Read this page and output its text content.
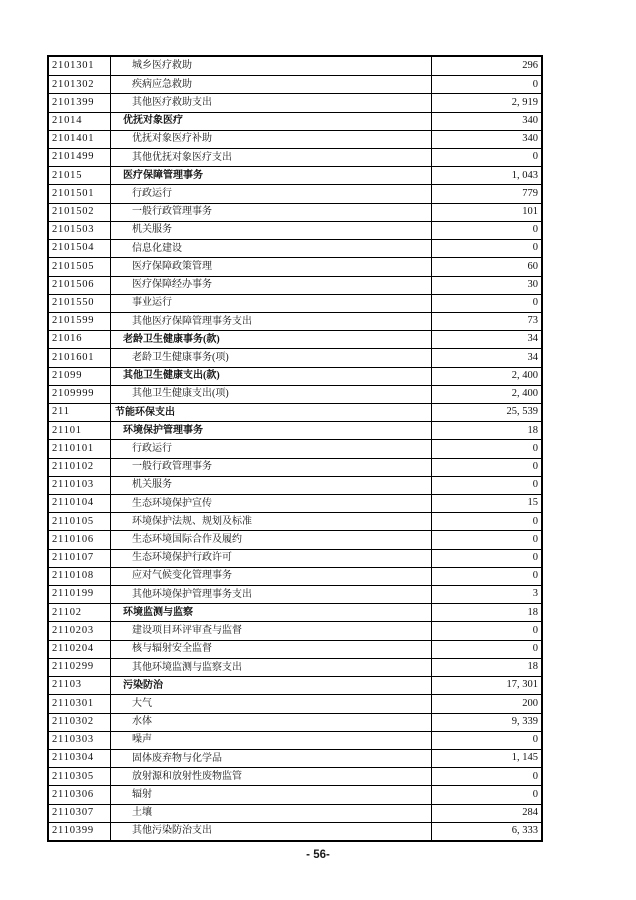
2101301	城乡医疗救助	296
2101302	疾病应急救助	0
2101399	其他医疗救助支出	2, 919
21014	优抚对象医疗	340
2101401	优抚对象医疗补助	340
2101499	其他优抚对象医疗支出	0
21015	医疗保障管理事务	1, 043
2101501	行政运行	779
2101502	一般行政管理事务	101
2101503	机关服务	0
2101504	信息化建设	0
2101505	医疗保障政策管理	60
2101506	医疗保障经办事务	30
2101550	事业运行	0
2101599	其他医疗保障管理事务支出	73
21016	老龄卫生健康事务(款)	34
2101601	老龄卫生健康事务(项)	34
21099	其他卫生健康支出(款)	2, 400
2109999	其他卫生健康支出(项)	2, 400
211	节能环保支出	25, 539
21101	环境保护管理事务	18
2110101	行政运行	0
2110102	一般行政管理事务	0
2110103	机关服务	0
2110104	生态环境保护宣传	15
2110105	环境保护法规、规划及标准	0
2110106	生态环境国际合作及履约	0
2110107	生态环境保护行政许可	0
2110108	应对气候变化管理事务	0
2110199	其他环境保护管理事务支出	3
21102	环境监测与监察	18
2110203	建设项目环评审查与监督	0
2110204	核与辐射安全监督	0
2110299	其他环境监测与监察支出	18
21103	污染防治	17, 301
2110301	大气	200
2110302	水体	9, 339
2110303	噪声	0
2110304	固体废弃物与化学品	1, 145
2110305	放射源和放射性废物监管	0
2110306	辐射	0
2110307	土壤	284
2110399	其他污染防治支出	6, 333
- 56-
